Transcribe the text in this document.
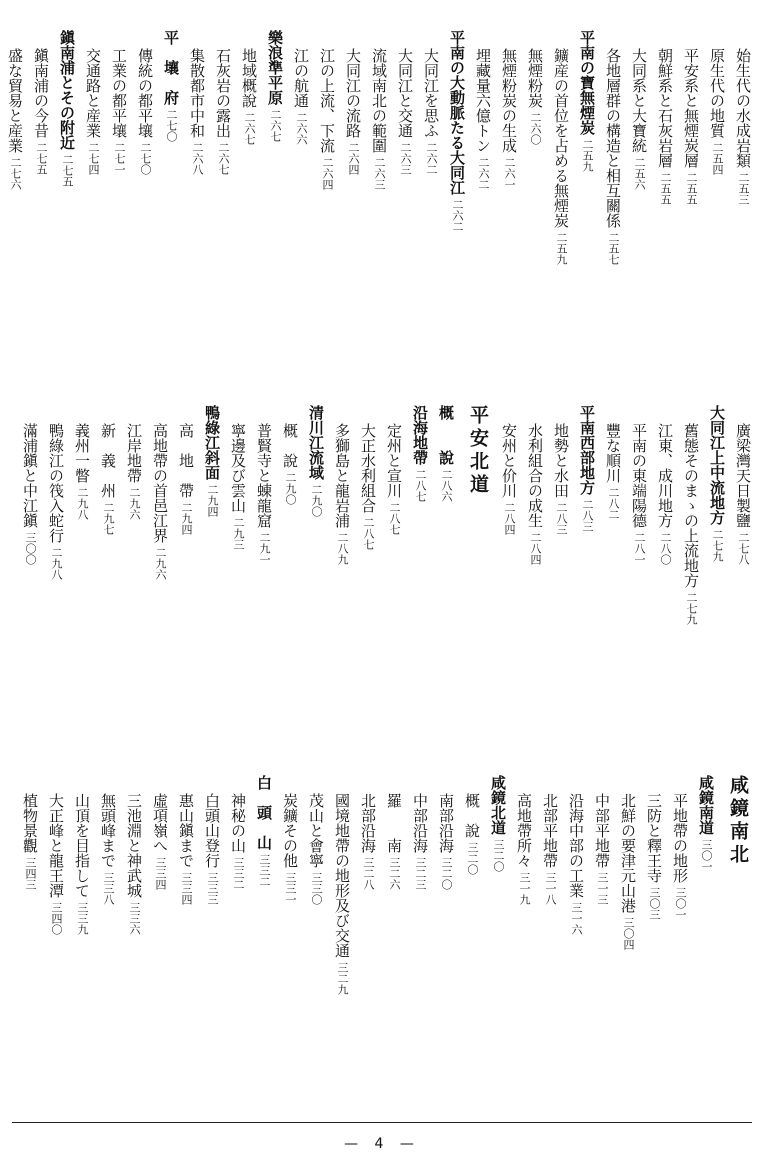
始生代の水成岩類二五三
原生代の地質二五四
平安系と無煙炭層二五五
朝鮮系と石灰岩層二五五
大同系と大寶統二五六
各地層群の構造と相互關係二五七
平南の寶無煙炭二五九
鑛産の首位を占める無煙炭二五九
無煙粉炭二六〇
無煙粉炭の生成二六一
埋藏量六億トン二六二
平南の大動脈たる大同江二六二
大同江を思ふ二六二
大同江と交通二六三
流域南北の範圍二六三
大同江の流路二六四
江の上流、下流二六四
江の航通二六六
樂浪準平原二六七
地域概說二六七
石灰岩の露出二六七
集散都市中和二六八
平　壤　府二七〇
傳統の都平壤二七〇
工業の都平壤二七一
交通路と産業二七四
鎭南浦とその附近二七五
鎭南浦の今昔二七五
盛な貿易と産業二七六
廣梁灣天日製鹽二七八
大同江上中流地方二七九
舊態そのまゝの上流地方二七九
江東、成川地方二八〇
平南の東端陽德二八一
豐な順川二八二
平南西部地方二八三
地勢と水田二八三
水利組合の成生二八四
安州と价川二八四
平安北道
概　　說二八六
沿海地帶二八七
定州と宣川二八七
大正水利組合二八七
多獅島と龍岩浦二八九
清川江流域二九〇
概　說二九〇
普賢寺と蝀龍窟二九一
寧邊及び雲山二九三
鴨綠江斜面二九四
高　地　帶二九四
高地帶の首邑江界二九六
江岸地帶二九六
新　義　州二九七
義州一瞥二九八
鴨綠江の筏入蛇行二九八
滿浦鎭と中江鎭三〇〇
咸鏡南北
咸鏡南道三〇一
平地帶の地形三〇一
三防と釋王寺三〇三
北鮮の要津元山港三〇四
中部平地帶三一三
沿海中部の工業三一六
北部平地帶三一八
高地帶所々三一九
咸鏡北道三二〇
概　說三二〇
南部沿海三二〇
中部沿海三二三
羅　　南三二六
北部沿海三二八
國境地帶の地形及び交通三二九
茂山と會寧三三〇
炭鑛その他三三一
白　頭　山三三二
神秘の山三三二
白頭山登行三三三
惠山鎭まで三三四
虛項嶺へ三三四
三池淵と神武城三三六
無頭峰まで三三八
山頂を目指して三三九
大正峰と龍王潭三四〇
植物景觀三四三
— 4 —
